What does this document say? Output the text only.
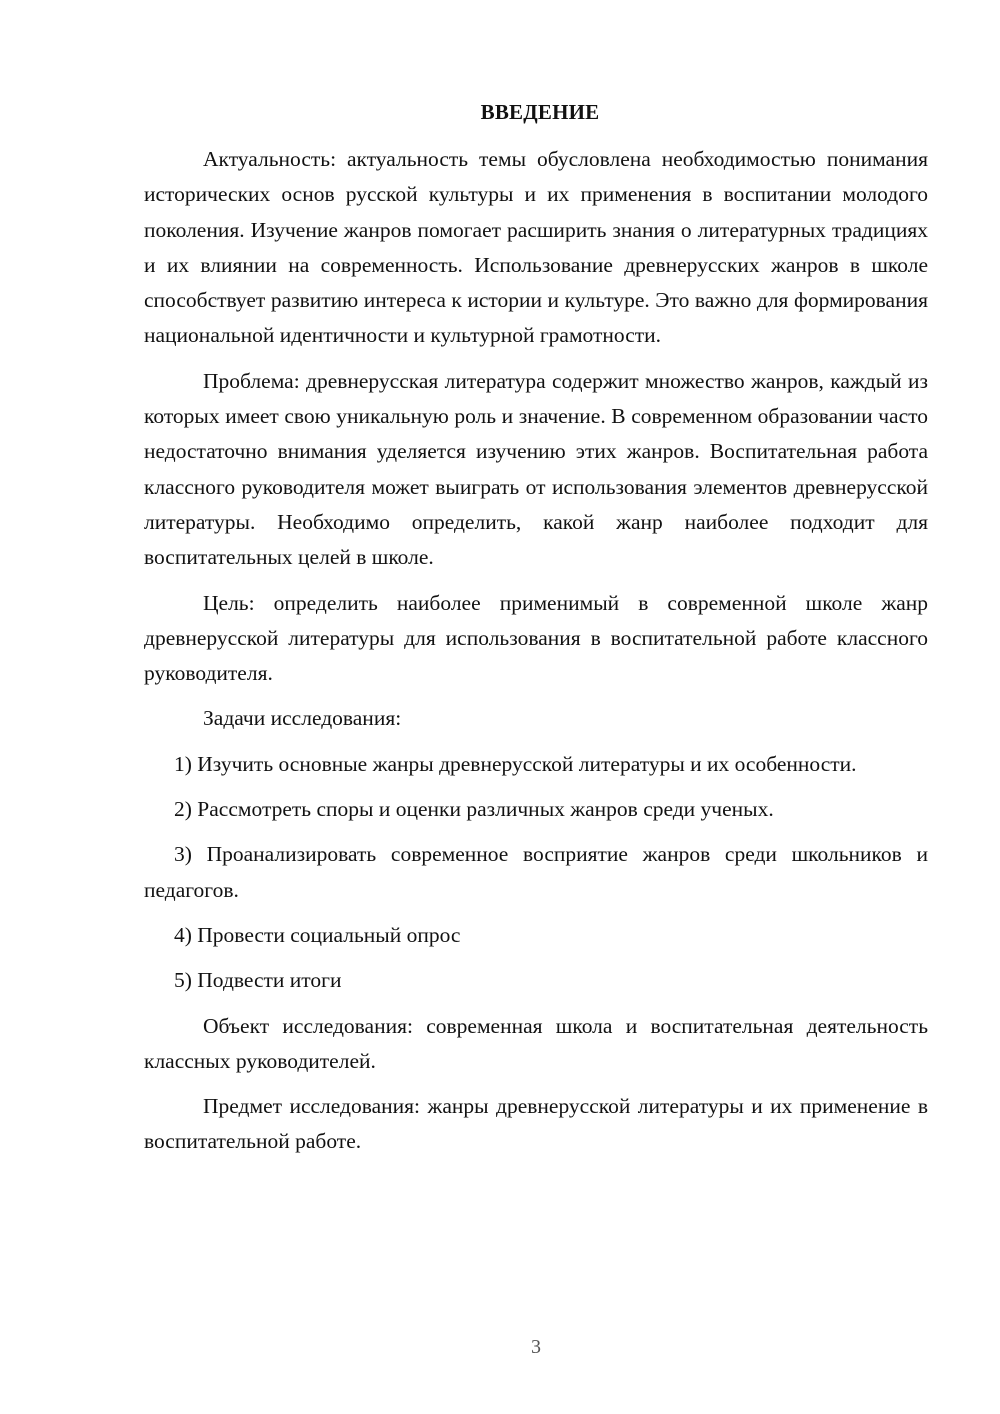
ВВЕДЕНИЕ

Актуальность: актуальность темы обусловлена необходимостью понимания исторических основ русской культуры и их применения в воспитании молодого поколения. Изучение жанров помогает расширить знания о литературных традициях и их влиянии на современность. Использование древнерусских жанров в школе способствует развитию интереса к истории и культуре. Это важно для формирования национальной идентичности и культурной грамотности.

Проблема: древнерусская литература содержит множество жанров, каждый из которых имеет свою уникальную роль и значение. В современном образовании часто недостаточно внимания уделяется изучению этих жанров. Воспитательная работа классного руководителя может выиграть от использования элементов древнерусской литературы. Необходимо определить, какой жанр наиболее подходит для воспитательных целей в школе.

Цель: определить наиболее применимый в современной школе жанр древнерусской литературы для использования в воспитательной работе классного руководителя.

Задачи исследования:

1) Изучить основные жанры древнерусской литературы и их особенности.

2) Рассмотреть споры и оценки различных жанров среди ученых.

3) Проанализировать современное восприятие жанров среди школьников и педагогов.

4) Провести социальный опрос

5) Подвести итоги

Объект исследования: современная школа и воспитательная деятельность классных руководителей.

Предмет исследования: жанры древнерусской литературы и их применение в воспитательной работе.

3
